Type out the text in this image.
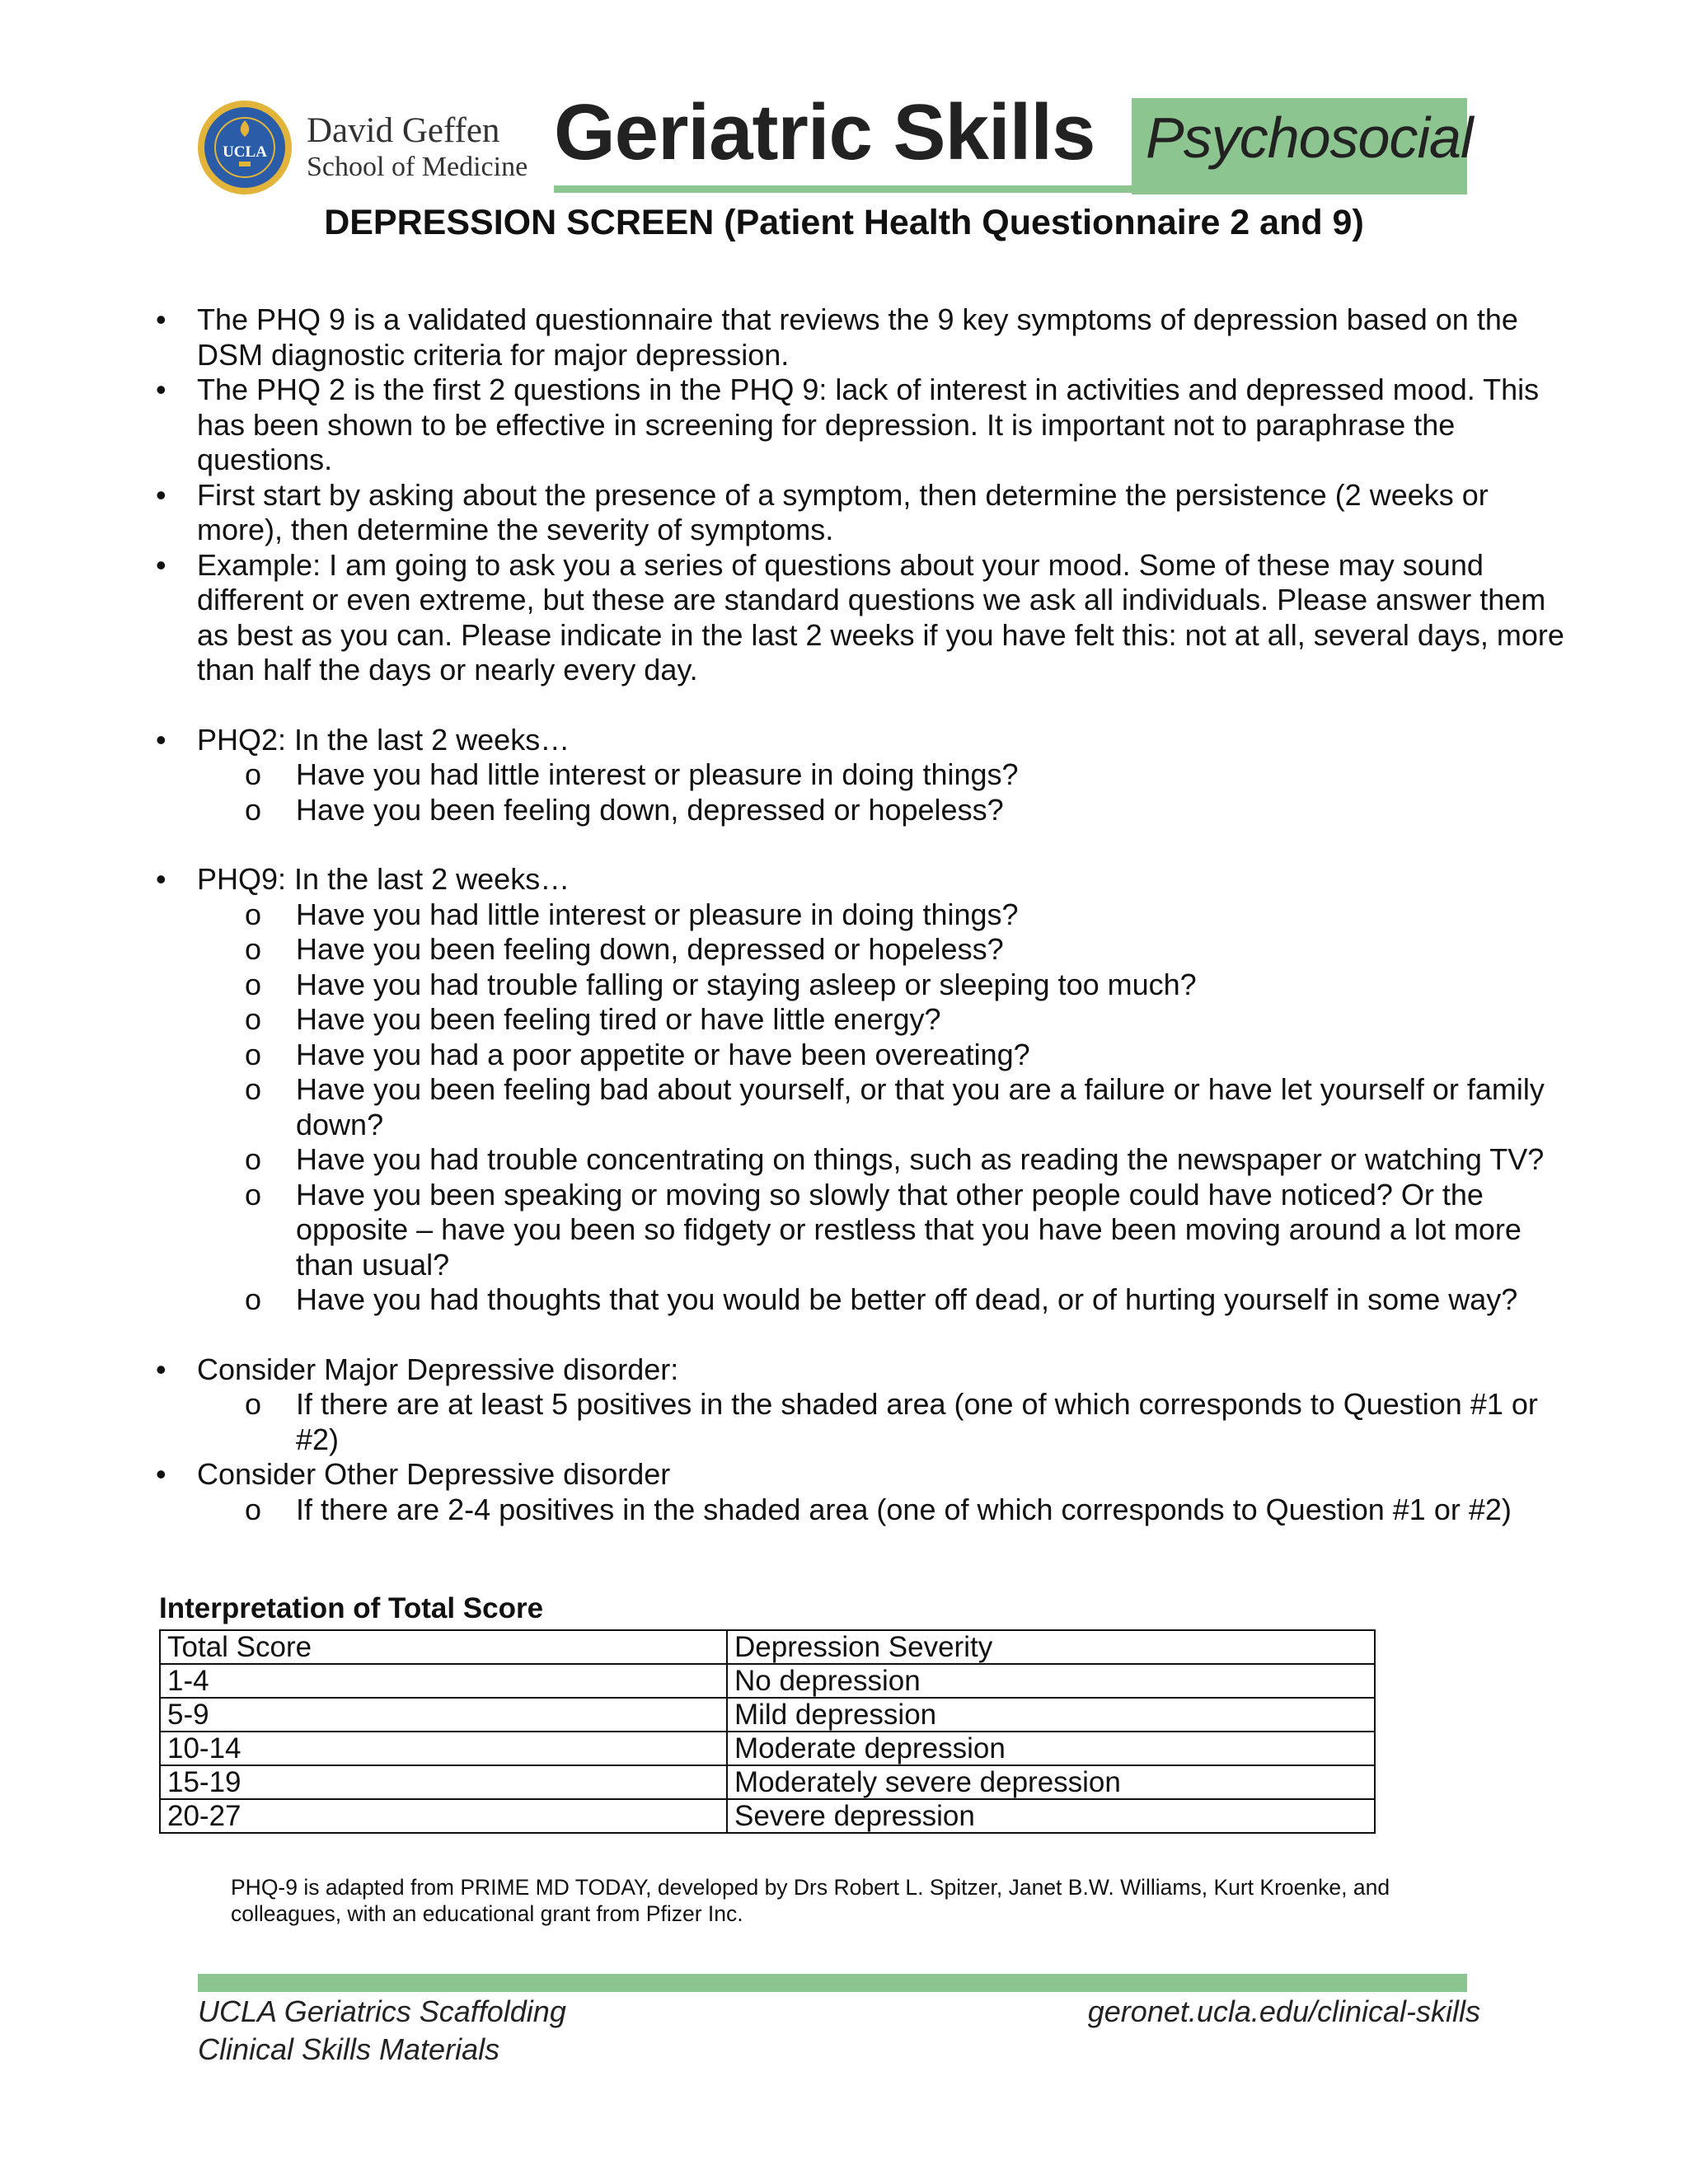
UCLA
David Geffen
School of Medicine Geriatric Skills Psychosocial
DEPRESSION SCREEN (Patient Health Questionnaire 2 and 9)
•	The PHQ 9 is a validated questionnaire that reviews the 9 key symptoms of depression based on the DSM diagnostic criteria for major depression.
•	The PHQ 2 is the first 2 questions in the PHQ 9: lack of interest in activities and depressed mood. This has been shown to be effective in screening for depression. It is important not to paraphrase the questions.
•	First start by asking about the presence of a symptom, then determine the persistence (2 weeks or more), then determine the severity of symptoms.
•	Example: I am going to ask you a series of questions about your mood. Some of these may sound different or even extreme, but these are standard questions we ask all individuals. Please answer them as best as you can. Please indicate in the last 2 weeks if you have felt this: not at all, several days, more than half the days or nearly every day.
•	PHQ2: In the last 2 weeks…
o Have you had little interest or pleasure in doing things?
o Have you been feeling down, depressed or hopeless?
•	PHQ9: In the last 2 weeks…
o Have you had little interest or pleasure in doing things?
o Have you been feeling down, depressed or hopeless?
o Have you had trouble falling or staying asleep or sleeping too much?
o Have you been feeling tired or have little energy?
o Have you had a poor appetite or have been overeating?
o Have you been feeling bad about yourself, or that you are a failure or have let yourself or family down?
o Have you had trouble concentrating on things, such as reading the newspaper or watching TV?
o Have you been speaking or moving so slowly that other people could have noticed? Or the opposite – have you been so fidgety or restless that you have been moving around a lot more than usual?
o Have you had thoughts that you would be better off dead, or of hurting yourself in some way?
•	Consider Major Depressive disorder:
o If there are at least 5 positives in the shaded area (one of which corresponds to Question #1 or #2)
•	Consider Other Depressive disorder
o If there are 2-4 positives in the shaded area (one of which corresponds to Question #1 or #2)
Interpretation of Total Score
Total Score	Depression Severity
1-4	No depression
5-9	Mild depression
10-14	Moderate depression
15-19	Moderately severe depression
20-27	Severe depression
PHQ-9 is adapted from PRIME MD TODAY, developed by Drs Robert L. Spitzer, Janet B.W. Williams, Kurt Kroenke, and colleagues, with an educational grant from Pfizer Inc.
UCLA Geriatrics Scaffolding
Clinical Skills Materials
geronet.ucla.edu/clinical-skills
